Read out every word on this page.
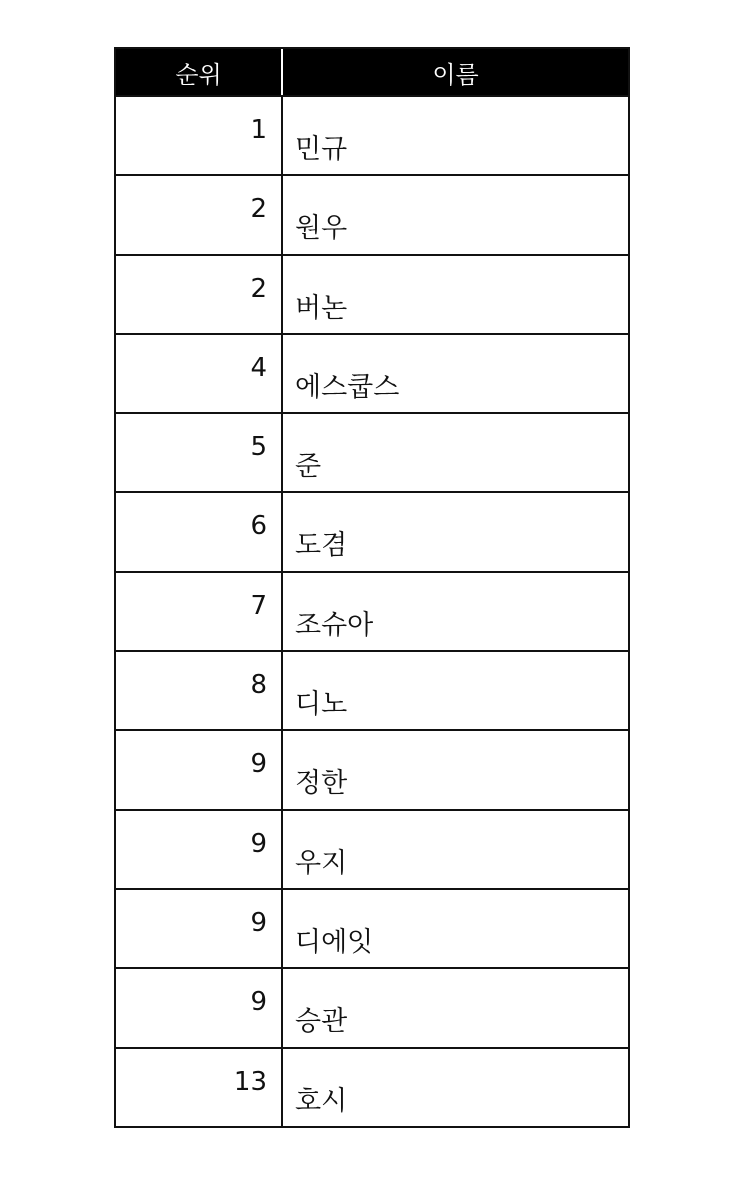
순위	이름
1
민규
2
원우
2
버논
4
에스쿱스
5
준
6
도겸
7
조슈아
8
디노
9
정한
9
우지
9
디에잇
9
승관
13
호시
